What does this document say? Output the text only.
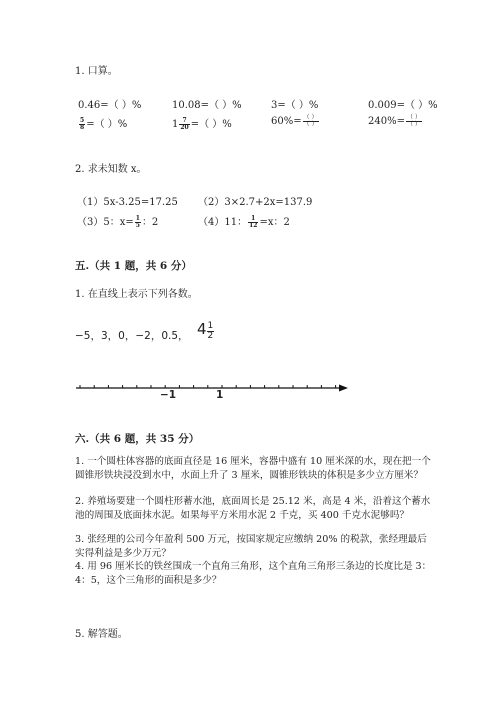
1. 口算。
0.46=（ ）%	10.08=（ ）%	3=（ ）%	0.009=（ ）%
$\frac{5}{8}$ =（ ）%	$1 \frac{7}{20}$ =（ ）%	$60\%= \frac{( )}{( )}$	$240\%= \frac{( )}{( )}$
2. 求未知数 x。
（1）5x-3.25=17.25 （2）3×2.7+2x=137.9
（3）5：$x= \frac{1}{5}$ ：2	（4）11： $\frac{1}{12} =x$：2
五.（共 1 题，共 6 分）
1. 在直线上表示下列各数。
−5，3，0，−2，0.5， $4 \frac{1}{2}$
−1	1
六.（共 6 题，共 35 分）
1. 一个圆柱体容器的底面直径是 16 厘米，容器中盛有 10 厘米深的水，现在把一个圆锥形铁块浸没到水中，水面上升了 3 厘米，圆锥形铁块的体积是多少立方厘米？
2. 养殖场要建一个圆柱形蓄水池，底面周长是 25.12 米，高是 4 米，沿着这个蓄水池的周围及底面抹水泥。如果每平方米用水泥 2 千克，买 400 千克水泥够吗？
3. 张经理的公司今年盈利 500 万元，按国家规定应缴纳 20% 的税款，张经理最后实得利益是多少万元？
4. 用 96 厘米长的铁丝围成一个直角三角形，这个直角三角形三条边的长度比是 3：4：5，这个三角形的面积是多少？
5. 解答题。
